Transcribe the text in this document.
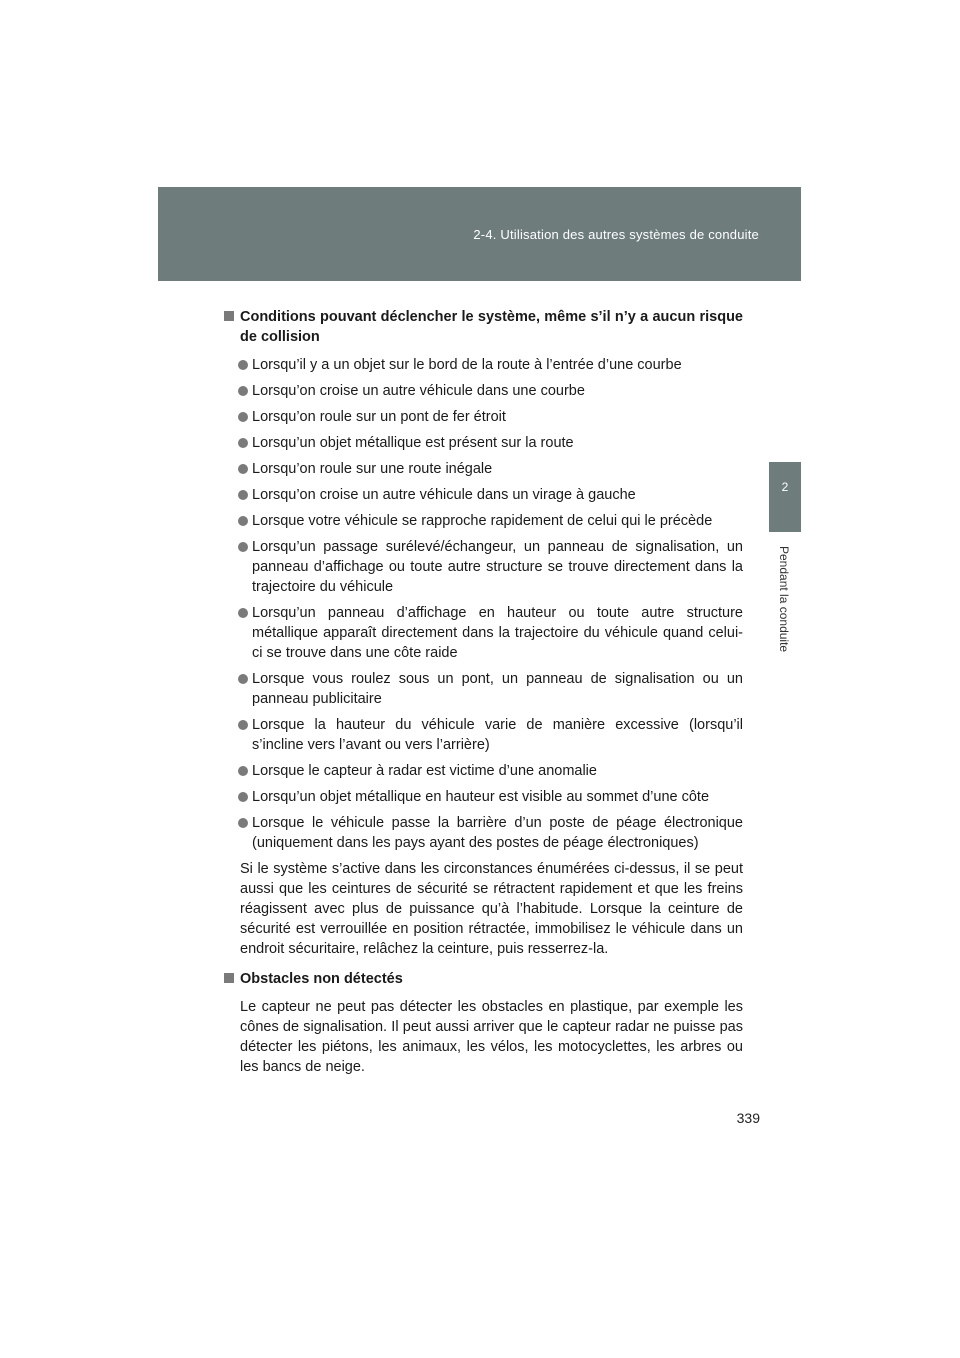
2-4. Utilisation des autres systèmes de conduite
2
Pendant la conduite
Conditions pouvant déclencher le système, même s’il n’y a aucun risque de collision
Lorsqu’il y a un objet sur le bord de la route à l’entrée d’une courbe
Lorsqu’on croise un autre véhicule dans une courbe
Lorsqu’on roule sur un pont de fer étroit
Lorsqu’un objet métallique est présent sur la route
Lorsqu’on roule sur une route inégale
Lorsqu’on croise un autre véhicule dans un virage à gauche
Lorsque votre véhicule se rapproche rapidement de celui qui le précède
Lorsqu’un passage surélevé/échangeur, un panneau de signalisation, un panneau d’affichage ou toute autre structure se trouve directement dans la trajectoire du véhicule
Lorsqu’un panneau d’affichage en hauteur ou toute autre structure métallique apparaît directement dans la trajectoire du véhicule quand celui-ci se trouve dans une côte raide
Lorsque vous roulez sous un pont, un panneau de signalisation ou un panneau publicitaire
Lorsque la hauteur du véhicule varie de manière excessive (lorsqu’il s’incline vers l’avant ou vers l’arrière)
Lorsque le capteur à radar est victime d’une anomalie
Lorsqu’un objet métallique en hauteur est visible au sommet d’une côte
Lorsque le véhicule passe la barrière d’un poste de péage électronique (uniquement dans les pays ayant des postes de péage électroniques)

Si le système s’active dans les circonstances énumérées ci-dessus, il se peut aussi que les ceintures de sécurité se rétractent rapidement et que les freins réagissent avec plus de puissance qu’à l’habitude. Lorsque la ceinture de sécurité est verrouillée en position rétractée, immobilisez le véhicule dans un endroit sécuritaire, relâchez la ceinture, puis resserrez-la.

Obstacles non détectés

Le capteur ne peut pas détecter les obstacles en plastique, par exemple les cônes de signalisation. Il peut aussi arriver que le capteur radar ne puisse pas détecter les piétons, les animaux, les vélos, les motocyclettes, les arbres ou les bancs de neige.

339
